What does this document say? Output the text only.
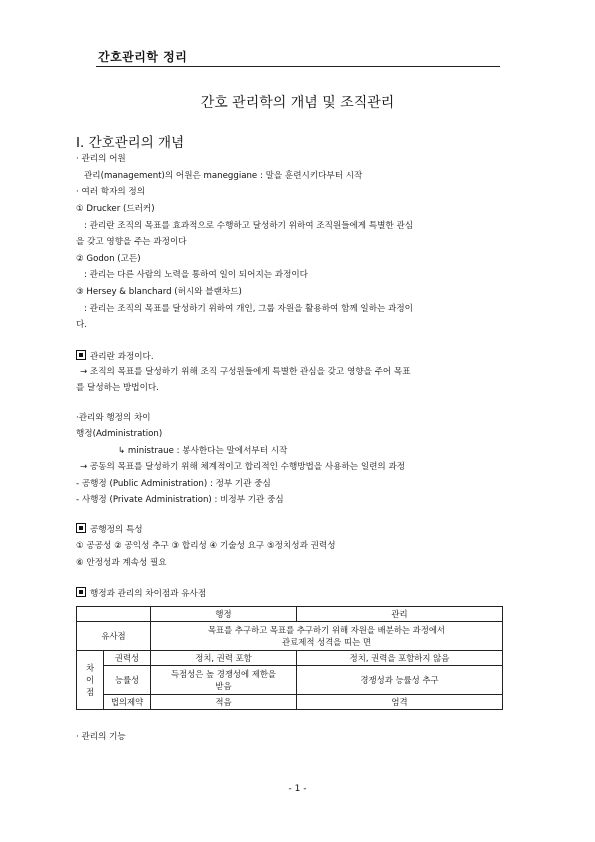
간호관리학 정리
간호 관리학의 개념 및 조직관리
Ⅰ. 간호관리의 개념
· 관리의 어원
관리(management)의 어원은 maneggiane : 말을 훈련시키다부터 시작
· 여러 학자의 정의
① Drucker (드러커)
: 관리란 조직의 목표를 효과적으로 수행하고 달성하기 위하여 조직원들에게 특별한 관심
을 갖고 영향을 주는 과정이다
② Godon (고든)
: 관리는 다른 사람의 노력을 통하여 일이 되어지는 과정이다
③ Hersey & blanchard (허시와 블랜차드)
: 관리는 조직의 목표를 달성하기 위하여 개인, 그룹 자원을 활용하여 함께 일하는 과정이
다.
관리란 과정이다.
→ 조직의 목표를 달성하기 위해 조직 구성원들에게 특별한 관심을 갖고 영향을 주어 목표
를 달성하는 방법이다.
·관리와 행정의 차이
행정(Administration)
↳ ministraue : 봉사한다는 말에서부터 시작
→ 공동의 목표를 달성하기 위해 체계적이고 합리적인 수행방법을 사용하는 일련의 과정
- 공행정 (Public Administration) : 정부 기관 중심
- 사행정 (Private Administration) : 비정부 기관 중심
공행정의 특성
① 공공성 ② 공익성 추구 ③ 합리성 ④ 기술성 요구 ⑤정치성과 권력성
⑥ 안정성과 계속성 필요
행정과 관리의 차이점과 유사점
		행정	관리
유사점		목표를 추구하고 목표를 추구하기 위해 자원을 배분하는 과정에서
관료제적 성격을 띠는 면	

차
이
점	권력성	정치, 권력 포함	정치, 권력을 포함하지 않음
	능률성	득점성은 높 경쟁성에 제한을
받음	경쟁성과 능률성 추구
	법의제약	적음	엄격
· 관리의 기능
- 1 -
